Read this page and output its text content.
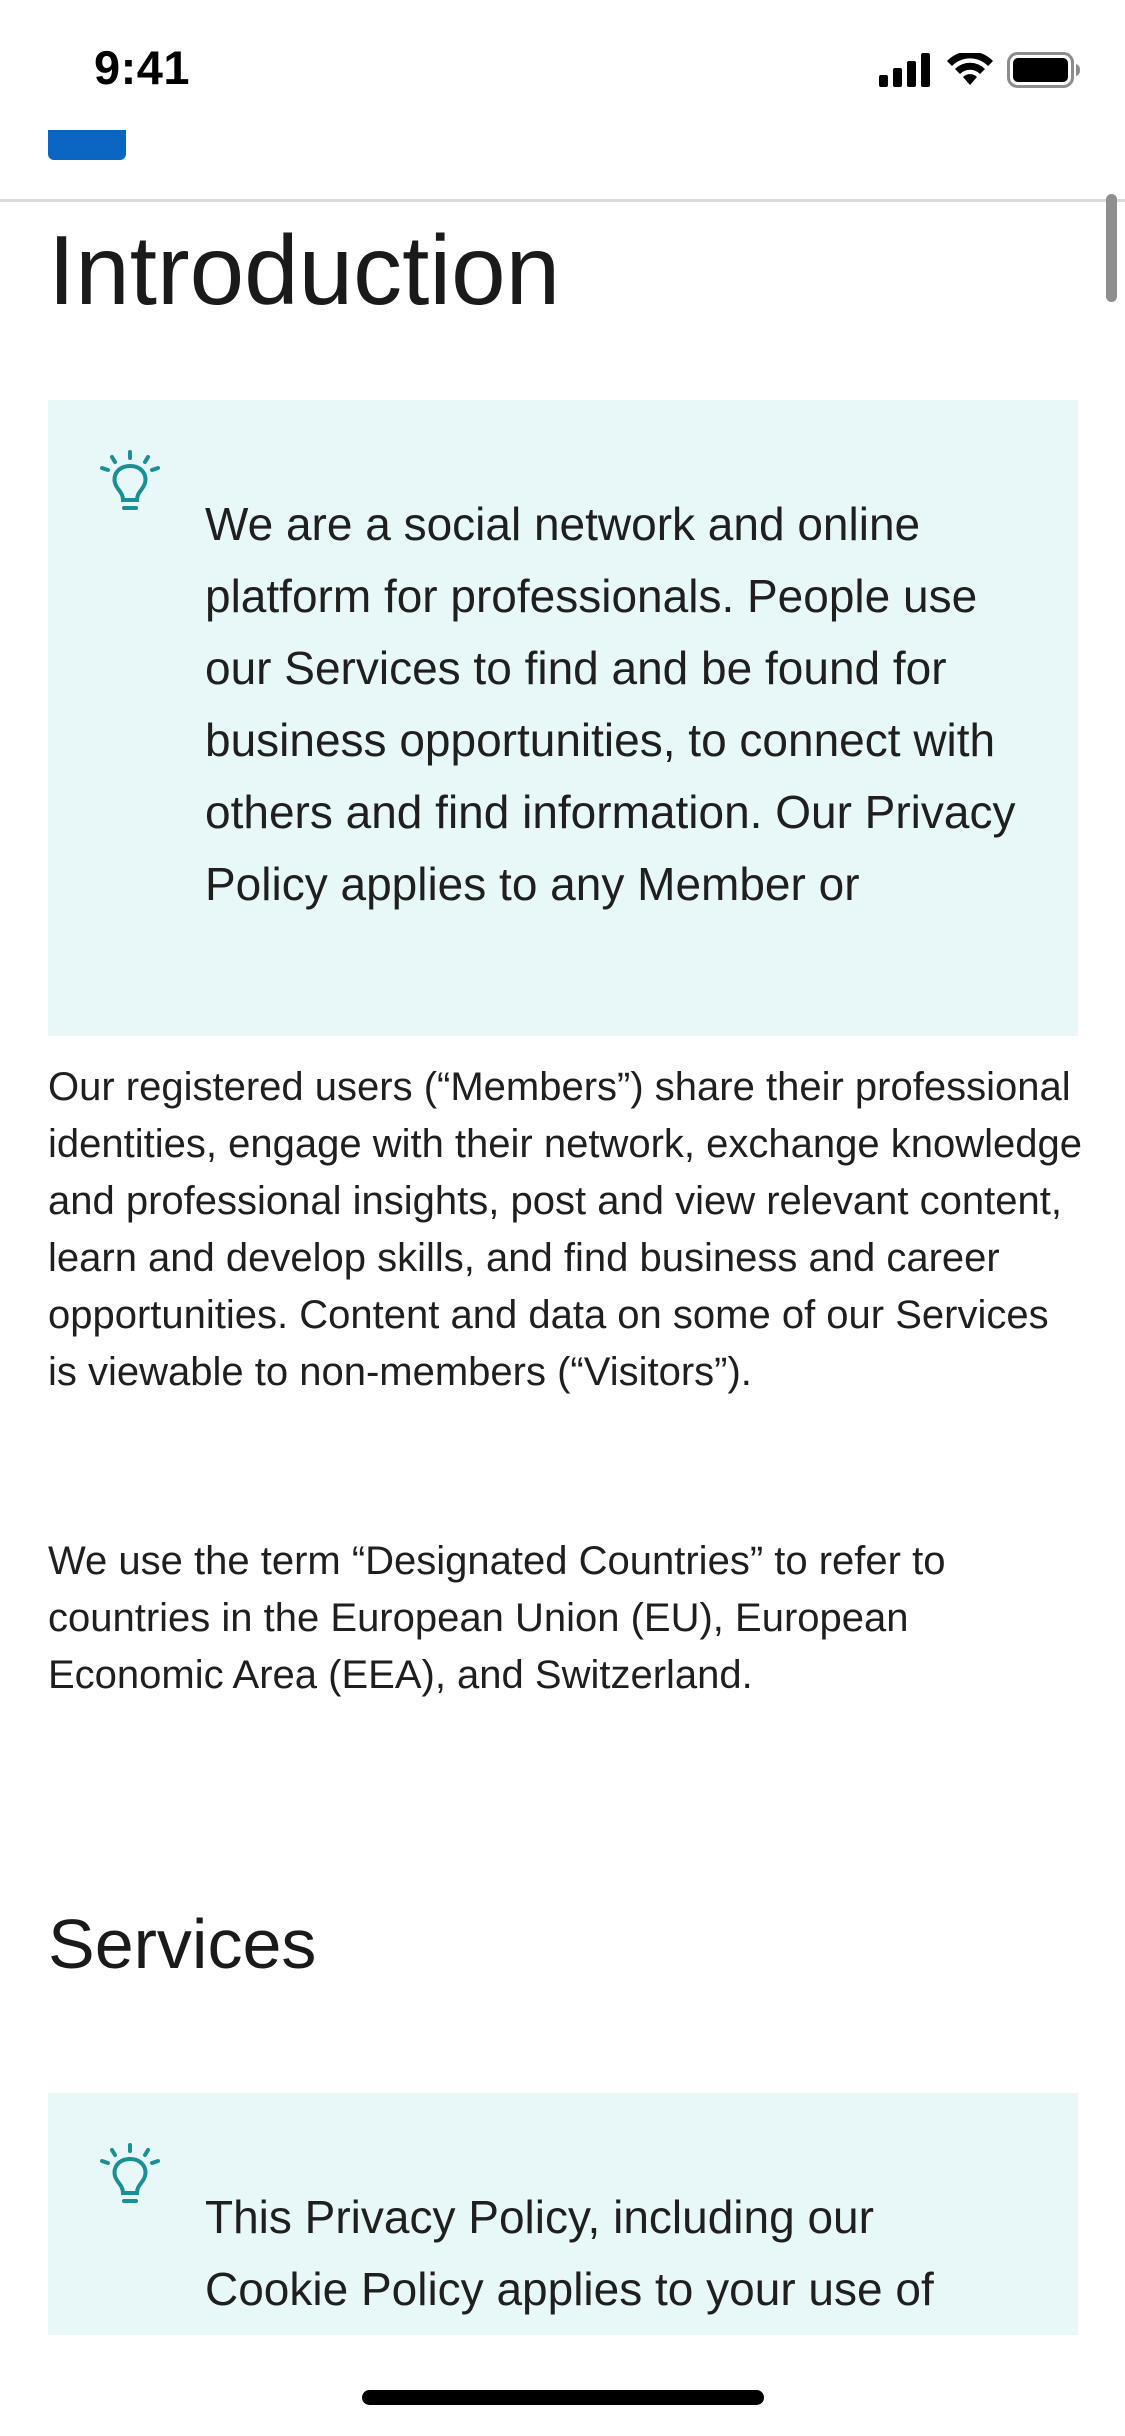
9:41
Introduction
We are a social network and online platform for professionals. People use our Services to find and be found for business opportunities, to connect with others and find information. Our Privacy Policy applies to any Member or

Our registered users (“Members”) share their professional identities, engage with their network, exchange knowledge and professional insights, post and view relevant content, learn and develop skills, and find business and career opportunities. Content and data on some of our Services is viewable to non-members (“Visitors”).

We use the term “Designated Countries” to refer to countries in the European Union (EU), European Economic Area (EEA), and Switzerland.

Services
This Privacy Policy, including our Cookie Policy applies to your use of
